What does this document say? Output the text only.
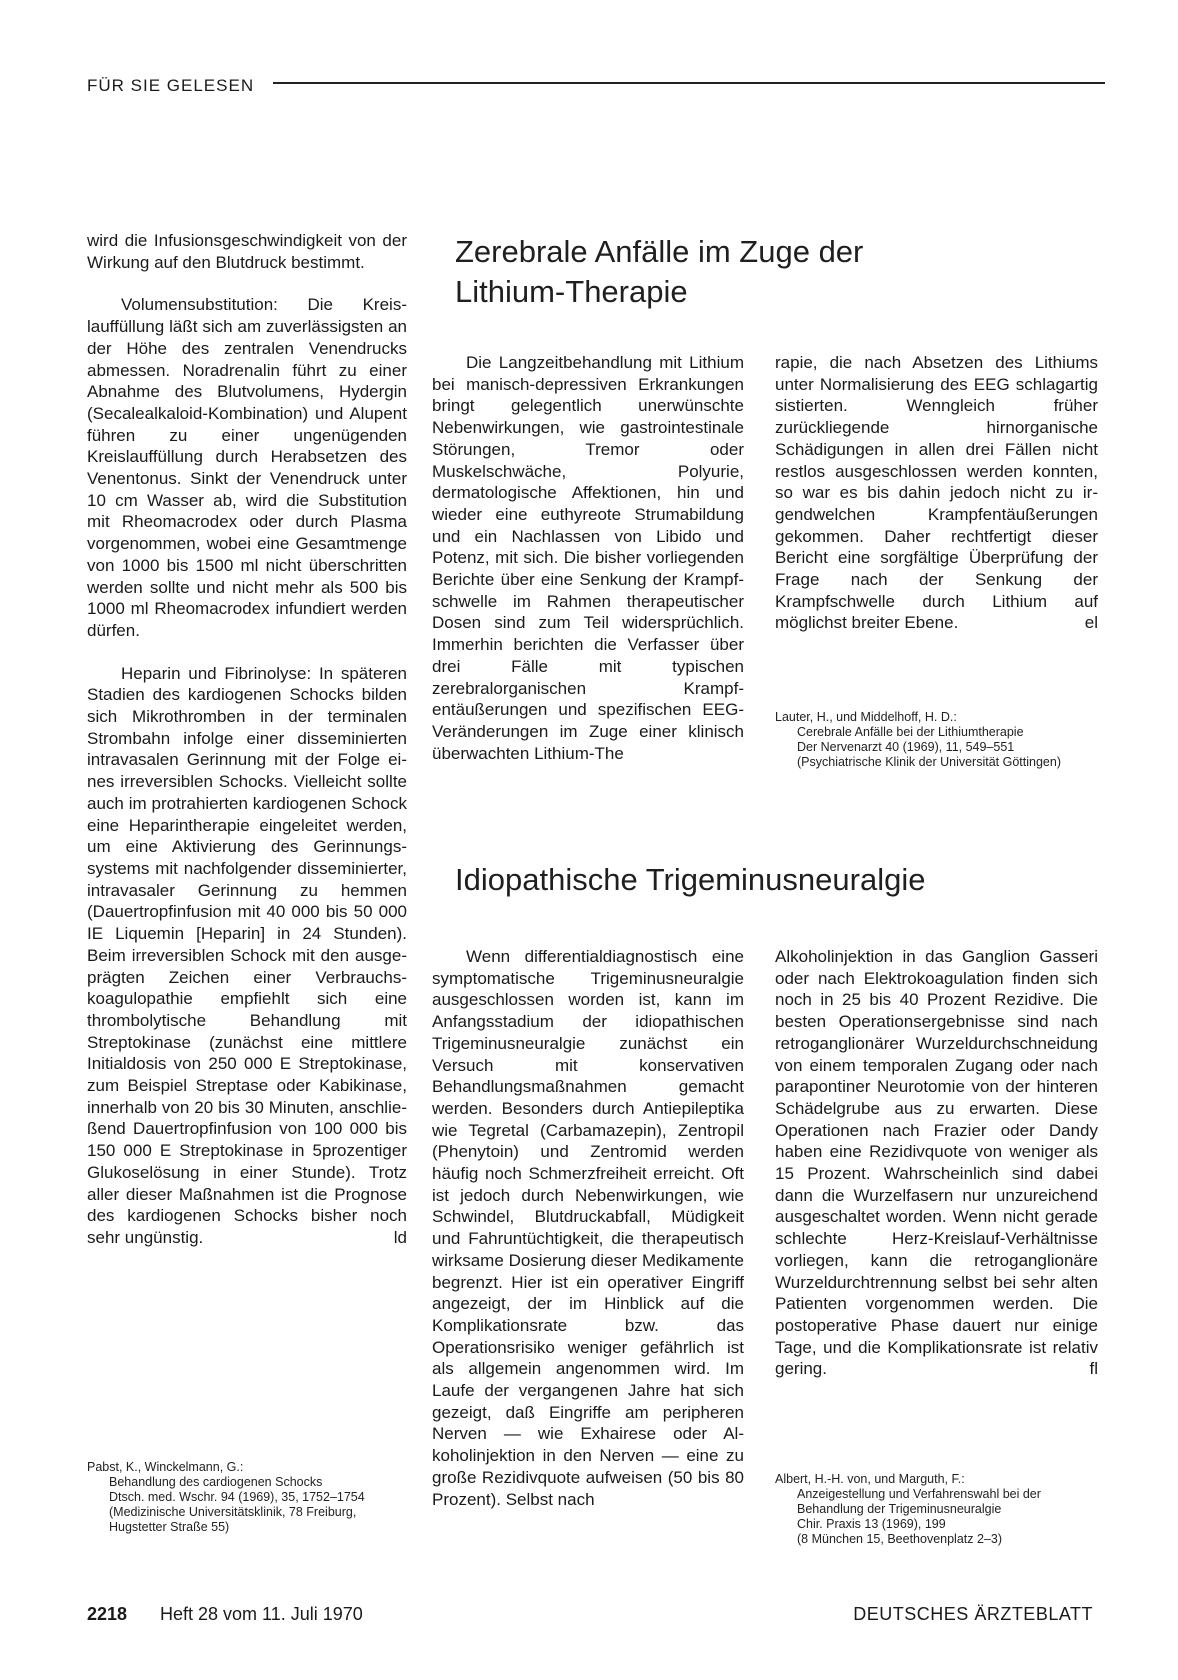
FÜR SIE GELESEN

wird die Infusionsgeschwindigkeit von der Wirkung auf den Blutdruck bestimmt.

Volumensubstitution: Die Kreislauffüllung läßt sich am zuverlässigsten an der Höhe des zentralen Venendrucks abmessen. Noradrenalin führt zu einer Abnahme des Blutvolumens, Hydergin (Secalealkaloid-Kombination) und Alupent führen zu einer ungenügenden Kreislauffüllung durch Herabsetzen des Venentonus. Sinkt der Venendruck unter 10 cm Wasser ab, wird die Substitution mit Rheomacrodex oder durch Plasma vorgenommen, wobei eine Gesamtmenge von 1000 bis 1500 ml nicht überschritten werden sollte und nicht mehr als 500 bis 1000 ml Rheomacrodex infundiert werden dürfen.

Heparin und Fibrinolyse: In späteren Stadien des kardiogenen Schocks bilden sich Mikrothromben in der terminalen Strombahn infolge einer disseminierten intravasalen Gerinnung mit der Folge eines irreversiblen Schocks. Vielleicht sollte auch im protrahierten kardiogenen Schock eine Heparintherapie eingeleitet werden, um eine Aktivierung des Gerinnungssystems mit nachfolgender disseminierter, intravasaler Gerinnung zu hemmen (Dauertropfinfusion mit 40 000 bis 50 000 IE Liquemin [Heparin] in 24 Stunden). Beim irreversiblen Schock mit den ausgeprägten Zeichen einer Verbrauchskoagulopathie empfiehlt sich eine thrombolytische Behandlung mit Streptokinase (zunächst eine mittlere Initialdosis von 250 000 E Streptokinase, zum Beispiel Streptase oder Kabikinase, innerhalb von 20 bis 30 Minuten, anschließend Dauertropfinfusion von 100 000 bis 150 000 E Streptokinase in 5prozentiger Glukoselösung in einer Stunde). Trotz aller dieser Maßnahmen ist die Prognose des kardiogenen Schocks bisher noch sehr ungünstig.	ld

Pabst, K., Winckelmann, G.:
Behandlung des cardiogenen Schocks
Dtsch. med. Wschr. 94 (1969), 35, 1752–1754
(Medizinische Universitätsklinik, 78 Freiburg, Hugstetter Straße 55)
Zerebrale Anfälle im Zuge der Lithium-Therapie

Die Langzeitbehandlung mit Lithium bei manisch-depressiven Erkrankungen bringt gelegentlich unerwünschte Nebenwirkungen, wie gastrointestinale Störungen, Tremor oder Muskelschwäche, Polyurie, dermatologische Affektionen, hin und wieder eine euthyreote Strumabildung und ein Nachlassen von Libido und Potenz, mit sich. Die bisher vorliegenden Berichte über eine Senkung der Krampfschwelle im Rahmen therapeutischer Dosen sind zum Teil widersprüchlich. Immerhin berichten die Verfasser über drei Fälle mit typischen zerebralorganischen Krampfentäußerungen und spezifischen EEG-Veränderungen im Zuge einer klinisch überwachten Lithium-The

rapie, die nach Absetzen des Lithiums unter Normalisierung des EEG schlagartig sistierten. Wenngleich früher zurückliegende hirnorganische Schädigungen in allen drei Fällen nicht restlos ausgeschlossen werden konnten, so war es bis dahin jedoch nicht zu irgendwelchen Krampfentäußerungen gekommen. Daher rechtfertigt dieser Bericht eine sorgfältige Überprüfung der Frage nach der Senkung der Krampfschwelle durch Lithium auf möglichst breiter Ebene.	el

Lauter, H., und Middelhoff, H. D.:
Cerebrale Anfälle bei der Lithiumtherapie
Der Nervenarzt 40 (1969), 11, 549–551
(Psychiatrische Klinik der Universität Göttingen)
Idiopathische Trigeminusneuralgie

Wenn differentialdiagnostisch eine symptomatische Trigeminusneuralgie ausgeschlossen worden ist, kann im Anfangsstadium der idiopathischen Trigeminusneuralgie zunächst ein Versuch mit konservativen Behandlungsmaßnahmen gemacht werden. Besonders durch Antiepileptika wie Tegretal (Carbamazepin), Zentropil (Phenytoin) und Zentromid werden häufig noch Schmerzfreiheit erreicht. Oft ist jedoch durch Nebenwirkungen, wie Schwindel, Blutdruckabfall, Müdigkeit und Fahruntüchtigkeit, die therapeutisch wirksame Dosierung dieser Medikamente begrenzt. Hier ist ein operativer Eingriff angezeigt, der im Hinblick auf die Komplikationsrate bzw. das Operationsrisiko weniger gefährlich ist als allgemein angenommen wird. Im Laufe der vergangenen Jahre hat sich gezeigt, daß Eingriffe am peripheren Nerven — wie Exhairese oder Alkoholinjektion in den Nerven — eine zu große Rezidivquote aufweisen (50 bis 80 Prozent). Selbst nach

Alkoholinjektion in das Ganglion Gasseri oder nach Elektrokoagulation finden sich noch in 25 bis 40 Prozent Rezidive. Die besten Operationsergebnisse sind nach retroganglionärer Wurzeldurchschneidung von einem temporalen Zugang oder nach parapontiner Neurotomie von der hinteren Schädelgrube aus zu erwarten. Diese Operationen nach Frazier oder Dandy haben eine Rezidivquote von weniger als 15 Prozent. Wahrscheinlich sind dabei dann die Wurzelfasern nur unzureichend ausgeschaltet worden. Wenn nicht gerade schlechte Herz-Kreislauf-Verhältnisse vorliegen, kann die retroganglionäre Wurzeldurchtrennung selbst bei sehr alten Patienten vorgenommen werden. Die postoperative Phase dauert nur einige Tage, und die Komplikationsrate ist relativ gering.	fl

Albert, H.-H. von, und Marguth, F.:
Anzeigestellung und Verfahrenswahl bei der Behandlung der Trigeminusneuralgie
Chir. Praxis 13 (1969), 199
(8 München 15, Beethovenplatz 2–3)
2218 Heft 28 vom 11. Juli 1970	DEUTSCHES ÄRZTEBLATT
